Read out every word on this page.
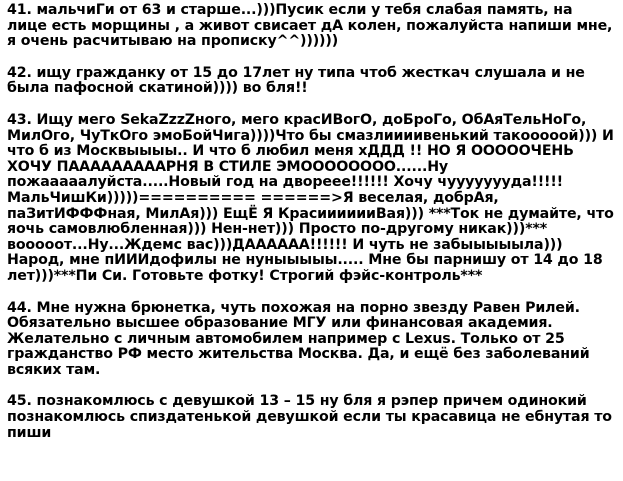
41. мальчиГи от 63 и старше...)))Пусик если у тебя слабая память, на лице есть морщины , а живот свисает дА колен, пожалуйста напиши мне, я очень расчитываю на прописку^^))))))

42. ищу гражданку от 15 до 17лет ну типа чтоб жесткач слушала и не была пафосной скатиной)))) во бля!!

43. Ищу мего SekaZzzZного, мего красИВогО, доБроГо, ОбАяТельНоГо, МилОго, ЧуТкОго эмоБойЧига))))Что бы смазлиииивенький такооооой))) И что б из Москвыыыы.. И что б любил меня хДДД !! НО Я ОООООЧЕНЬ ХОЧУ ПАААААААААРНЯ В СТИЛЕ ЭМОООООООО......Ну пожааааалуйста.....Новый год на двореее!!!!!! Хочу чуууууууда!!!!!МальЧишКи)))))========== ======>Я веселая, добрАя, паЗитИФФФная, МилАя))) ЕщЁ Я КрасииииииВая))) ***Ток не думайте, что яочь самовлюбленная))) Нен-нет))) Просто по-другому никак)))*** вооооот...Ну...Ждемс вас)))ДАААААА!!!!!! И чуть не забыыыыыла))) Народ, мне пИИИдофилы не нуныыыыы..... Мне бы парнишу от 14 до 18 лет)))***Пи Си. Готовьте фотку! Строгий фэйс-контроль***

44. Мне нужна брюнетка, чуть похожая на порно звезду Равен Рилей. Обязательно высшее образование МГУ или финансовая академия. Желательно с личным автомобилем например с Lexus. Только от 25 гражданство РФ место жительства Москва. Да, и ещё без заболеваний всяких там.

45. познакомлюсь с девушкой 13 – 15 ну бля я рэпер причем одинокий познакомлюсь спиздатенькой девушкой если ты красавица не ебнутая то пиши
